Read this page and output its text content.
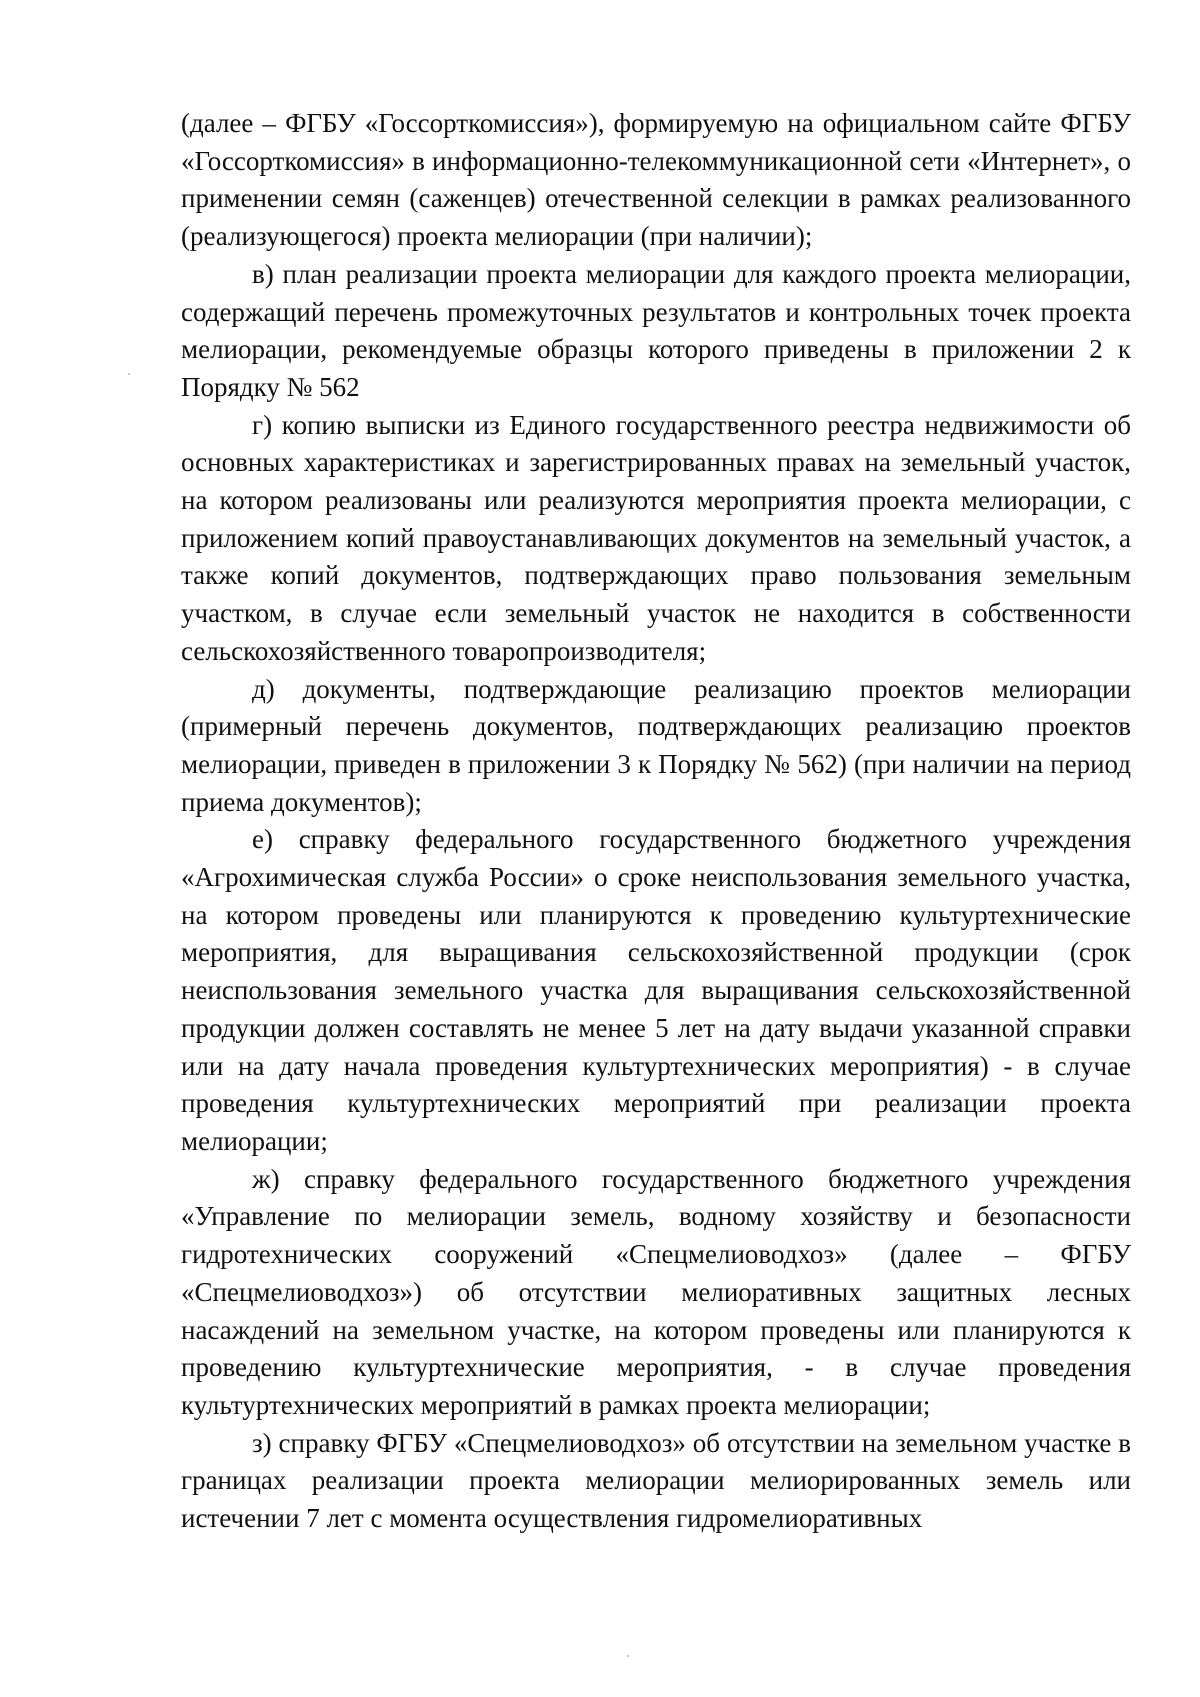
(далее – ФГБУ «Госсорткомиссия»), формируемую на официальном сайте ФГБУ «Госсорткомиссия» в информационно-телекоммуникационной сети «Интернет», о применении семян (саженцев) отечественной селекции в рамках реализованного (реализующегося) проекта мелиорации (при наличии);

в) план реализации проекта мелиорации для каждого проекта мелиорации, содержащий перечень промежуточных результатов и контрольных точек проекта мелиорации, рекомендуемые образцы которого приведены в приложении 2 к Порядку № 562

г) копию выписки из Единого государственного реестра недвижимости об основных характеристиках и зарегистрированных правах на земельный участок, на котором реализованы или реализуются мероприятия проекта мелиорации, с приложением копий правоустанавливающих документов на земельный участок, а также копий документов, подтверждающих право пользования земельным участком, в случае если земельный участок не находится в собственности сельскохозяйственного товаропроизводителя;

д) документы, подтверждающие реализацию проектов мелиорации (примерный перечень документов, подтверждающих реализацию проектов мелиорации, приведен в приложении 3 к Порядку № 562) (при наличии на период приема документов);

е) справку федерального государственного бюджетного учреждения «Агрохимическая служба России» о сроке неиспользования земельного участка, на котором проведены или планируются к проведению культуртехнические мероприятия, для выращивания сельскохозяйственной продукции (срок неиспользования земельного участка для выращивания сельскохозяйственной продукции должен составлять не менее 5 лет на дату выдачи указанной справки или на дату начала проведения культуртехнических мероприятия) - в случае проведения культуртехнических мероприятий при реализации проекта мелиорации;

ж) справку федерального государственного бюджетного учреждения «Управление по мелиорации земель, водному хозяйству и безопасности гидротехнических сооружений «Спецмелиоводхоз» (далее – ФГБУ «Спецмелиоводхоз») об отсутствии мелиоративных защитных лесных насаждений на земельном участке, на котором проведены или планируются к проведению культуртехнические мероприятия, - в случае проведения культуртехнических мероприятий в рамках проекта мелиорации;

з) справку ФГБУ «Спецмелиоводхоз» об отсутствии на земельном участке в границах реализации проекта мелиорации мелиорированных земель или истечении 7 лет с момента осуществления гидромелиоративных
